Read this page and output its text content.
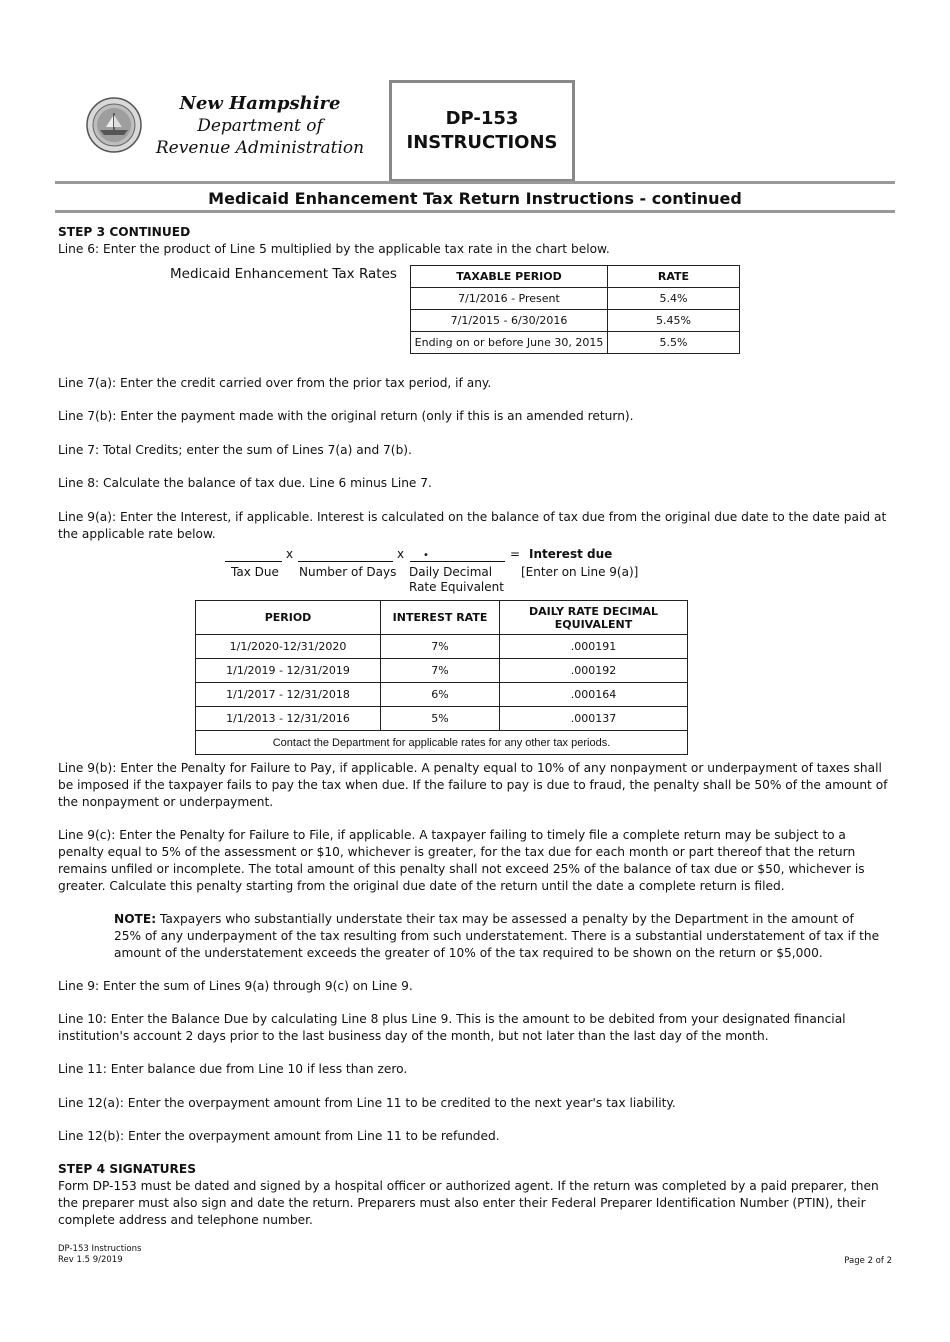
New Hampshire
Department of
Revenue Administration
DP-153
INSTRUCTIONS
Medicaid Enhancement Tax Return Instructions - continued

STEP 3 CONTINUED

Line 6: Enter the product of Line 5 multiplied by the applicable tax rate in the chart below.

Medicaid Enhancement Tax Rates	TAXABLE PERIOD	RATE
7/1/2016 - Present	5.4%
7/1/2015 - 6/30/2016	5.45%
Ending on or before June 30, 2015	5.5%

Line 7(a): Enter the credit carried over from the prior tax period, if any.

Line 7(b): Enter the payment made with the original return (only if this is an amended return).

Line 7: Total Credits; enter the sum of Lines 7(a) and 7(b).

Line 8: Calculate the balance of tax due. Line 6 minus Line 7.

Line 9(a): Enter the Interest, if applicable. Interest is calculated on the balance of tax due from the original due date to the date paid at the applicable rate below.

x	x •	= Interest due
Tax Due Number of Days Daily Decimal
Rate Equivalent
[Enter on Line 9(a)]
PERIOD	INTEREST RATE	DAILY RATE DECIMAL EQUIVALENT
1/1/2020-12/31/2020	7%	.000191
1/1/2019 - 12/31/2019	7%	.000192
1/1/2017 - 12/31/2018	6%	.000164
1/1/2013 - 12/31/2016	5%	.000137
Contact the Department for applicable rates for any other tax periods.		

Line 9(b): Enter the Penalty for Failure to Pay, if applicable. A penalty equal to 10% of any nonpayment or underpayment of taxes shall be imposed if the taxpayer fails to pay the tax when due. If the failure to pay is due to fraud, the penalty shall be 50% of the amount of the nonpayment or underpayment.

Line 9(c): Enter the Penalty for Failure to File, if applicable. A taxpayer failing to timely file a complete return may be subject to a penalty equal to 5% of the assessment or $10, whichever is greater, for the tax due for each month or part thereof that the return remains unfiled or incomplete. The total amount of this penalty shall not exceed 25% of the balance of tax due or $50, whichever is greater. Calculate this penalty starting from the original due date of the return until the date a complete return is filed.

NOTE: Taxpayers who substantially understate their tax may be assessed a penalty by the Department in the amount of 25% of any underpayment of the tax resulting from such understatement. There is a substantial understatement of tax if the amount of the understatement exceeds the greater of 10% of the tax required to be shown on the return or $5,000.

Line 9: Enter the sum of Lines 9(a) through 9(c) on Line 9.

Line 10: Enter the Balance Due by calculating Line 8 plus Line 9. This is the amount to be debited from your designated financial institution's account 2 days prior to the last business day of the month, but not later than the last day of the month.

Line 11: Enter balance due from Line 10 if less than zero.

Line 12(a): Enter the overpayment amount from Line 11 to be credited to the next year's tax liability.

Line 12(b): Enter the overpayment amount from Line 11 to be refunded.

STEP 4 SIGNATURES

Form DP-153 must be dated and signed by a hospital officer or authorized agent. If the return was completed by a paid preparer, then the preparer must also sign and date the return. Preparers must also enter their Federal Preparer Identification Number (PTIN), their complete address and telephone number.

DP-153 Instructions
Rev 1.5 9/2019	Page 2 of 2
